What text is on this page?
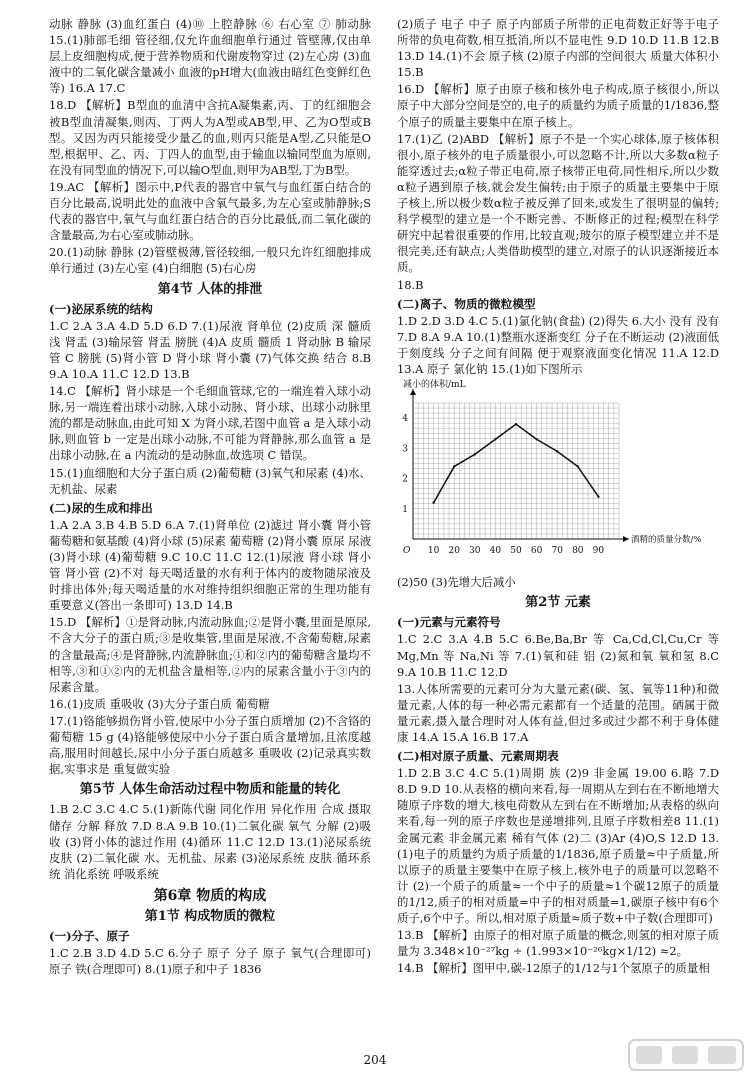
动脉 静脉 (3)血红蛋白 (4)⑩ 上腔静脉 ⑥ 右心室 ⑦ 肺动脉 15.(1)肺部毛细 管径细,仅允许血细胞单行通过 管壁薄,仅由单层上皮细胞构成,便于营养物质和代谢废物穿过 (2)左心房 (3)血液中的二氧化碳含量减小 血液的pH增大(血液由暗红色变鲜红色等) 16.A 17.C
18.D 【解析】B型血的血清中含抗A凝集素,丙、丁的红细胞会被B型血清凝集,则丙、丁两人为A型或AB型,甲、乙为O型或B型。又因为丙只能接受少量乙的血,则丙只能是A型,乙只能是O型,根据甲、乙、丙、丁四人的血型,由于输血以输同型血为原则,在没有同型血的情况下,可以输O型血,则甲为AB型,丁为B型。
19.AC 【解析】图示中,P代表的器官中氧气与血红蛋白结合的百分比最高,说明此处的血液中含氧气最多,为左心室或肺静脉;S代表的器官中,氧气与血红蛋白结合的百分比最低,而二氧化碳的含量最高,为右心室或肺动脉。
20.(1)动脉 静脉 (2)管壁极薄,管径较细,一般只允许红细胞排成单行通过 (3)左心室 (4)白细胞 (5)右心房
第4节 人体的排泄
(一)泌尿系统的结构
1.C 2.A 3.A 4.D 5.D 6.D 7.(1)尿液 肾单位 (2)皮质 深 髓质 浅 肾盂 (3)输尿管 肾盂 膀胱 (4)A 皮质 髓质 1 肾动脉 B 输尿管 C 膀胱 (5)肾小管 D 肾小球 肾小囊 (7)气体交换 结合 8.B 9.A 10.A 11.C 12.D 13.B
14.C 【解析】肾小球是一个毛细血管球,它的一端连着入球小动脉,另一端连着出球小动脉,入球小动脉、肾小球、出球小动脉里流的都是动脉血,由此可知 X 为肾小球,若图中血管 a 是入球小动脉,则血管 b 一定是出球小动脉,不可能为肾静脉,那么血管 a 是出球小动脉,在 a 内流动的是动脉血,故选项 C 错误。
15.(1)血细胞和大分子蛋白质 (2)葡萄糖 (3)氧气和尿素 (4)水、无机盐、尿素
(二)尿的生成和排出
1.A 2.A 3.B 4.B 5.D 6.A 7.(1)肾单位 (2)滤过 肾小囊 肾小管 葡萄糖和氨基酸 (4)肾小球 (5)尿素 葡萄糖 (2)肾小囊 原尿 尿液 (3)肾小球 (4)葡萄糖 9.C 10.C 11.C 12.(1)尿液 肾小球 肾小管 肾小管 (2)不对 每天喝适量的水有利于体内的废物随尿液及时排出体外;每天喝适量的水对维持组织细胞正常的生理功能有重要意义(答出一条即可) 13.D 14.B
15.D 【解析】①是肾动脉,内流动脉血;②是肾小囊,里面是原尿,不含大分子的蛋白质;③是收集管,里面是尿液,不含葡萄糖,尿素的含量最高;④是肾静脉,内流静脉血;①和②内的葡萄糖含量均不相等,③和①②内的无机盐含量相等,②内的尿素含量小于③内的尿素含量。
16.(1)皮质 重吸收 (3)大分子蛋白质 葡萄糖
17.(1)铬能够损伤肾小管,使尿中小分子蛋白质增加 (2)不含铬的葡萄糖 15 g (4)铬能够使尿中小分子蛋白质含量增加,且浓度越高,服用时间越长,尿中小分子蛋白质越多 重吸收 (2)记录真实数据,实事求是 重复做实验
第5节 人体生命活动过程中物质和能量的转化
1.B 2.C 3.C 4.C 5.(1)新陈代谢 同化作用 异化作用 合成 摄取 储存 分解 释放 7.D 8.A 9.B 10.(1)二氧化碳 氧气 分解 (2)吸收 (3)肾小体的滤过作用 (4)循环 11.C 12.D 13.(1)泌尿系统 皮肤 (2)二氧化碳 水、无机盐、尿素 (3)泌尿系统 皮肤 循环系统 消化系统 呼吸系统
第6章 物质的构成
第1节 构成物质的微粒
(一)分子、原子
1.C 2.B 3.D 4.D 5.C 6.分子 原子 分子 原子 氧气(合理即可) 原子 铁(合理即可) 8.(1)原子和中子 1836
(2)质子 电子 中子 原子内部质子所带的正电荷数正好等于电子所带的负电荷数,相互抵消,所以不显电性 9.D 10.D 11.B 12.B 13.D 14.(1)不会 原子核 (2)原子内部的空间很大 质量大体积小 15.B
16.D 【解析】原子由原子核和核外电子构成,原子核很小,所以原子中大部分空间是空的,电子的质量约为质子质量的1/1836,整个原子的质量主要集中在原子核上。
17.(1)乙 (2)ABD 【解析】原子不是一个实心球体,原子核体积很小,原子核外的电子质量很小,可以忽略不计,所以大多数α粒子能穿透过去;α粒子带正电荷,原子核带正电荷,同性相斥,所以少数α粒子遇到原子核,就会发生偏转;由于原子的质量主要集中于原子核上,所以极少数α粒子被反弹了回来,或发生了很明显的偏转;科学模型的建立是一个不断完善、不断修正的过程;模型在科学研究中起着很重要的作用,比较直观;玻尔的原子模型建立并不是很完美,还有缺点;人类借助模型的建立,对原子的认识逐渐接近本质。
18.B
(二)离子、物质的微粒模型
1.D 2.D 3.D 4.C 5.(1)氯化钠(食盐) (2)得失 6.大小 没有 没有 7.D 8.A 9.A 10.(1)整瓶水逐渐变红 分子在不断运动 (2)液面低于刻度线 分子之间有间隔 便于观察液面变化情况 11.A 12.D 13.A 原子 氯化钠 15.(1)如下图所示
减小的体积/mL
酒精的质量分数/%
O 10 20 30 40 50 60 70 80 90
1
2
3
4
(2)50 (3)先增大后减小
第2节 元素
(一)元素与元素符号
1.C 2.C 3.A 4.B 5.C 6.Be,Ba,Br 等 Ca,Cd,Cl,Cu,Cr 等 Mg,Mn 等 Na,Ni 等 7.(1)氧和硅 铝 (2)氮和氧 氧和氢 8.C 9.A 10.B 11.C 12.D
13.人体所需要的元素可分为大量元素(碳、氢、氧等11种)和微量元素,人体的每一种必需元素都有一个适量的范围。硒属于微量元素,摄入量合理时对人体有益,但过多或过少都不利于身体健康 14.A 15.A 16.B 17.A
(二)相对原子质量、元素周期表
1.D 2.B 3.C 4.C 5.(1)周期 族 (2)9 非金属 19.00 6.略 7.D 8.D 9.D 10.从表格的横向来看,每一周期从左到右在不断地增大 随原子序数的增大,核电荷数从左到右在不断增加;从表格的纵向来看,每一列的原子序数也是递增排列,且原子序数相差8 11.(1)金属元素 非金属元素 稀有气体 (2)二 (3)Ar (4)O,S 12.D 13.(1)电子的质量约为质子质量的1/1836,原子质量≈中子质量,所以原子的质量主要集中在原子核上,核外电子的质量可以忽略不计 (2)一个质子的质量≈一个中子的质量≈1个碳12原子的质量的1/12,质子的相对质量=中子的相对质量=1,碳原子核中有6个质子,6个中子。所以,相对原子质量≈质子数+中子数(合理即可)
13.B 【解析】由原子的相对原子质量的概念,则氢的相对原子质量为 3.348×10⁻²⁷kg ÷ (1.993×10⁻²⁶kg×1/12) ≈2。
14.B 【解析】图甲中,碳-12原子的1/12与1个氢原子的质量相
204
